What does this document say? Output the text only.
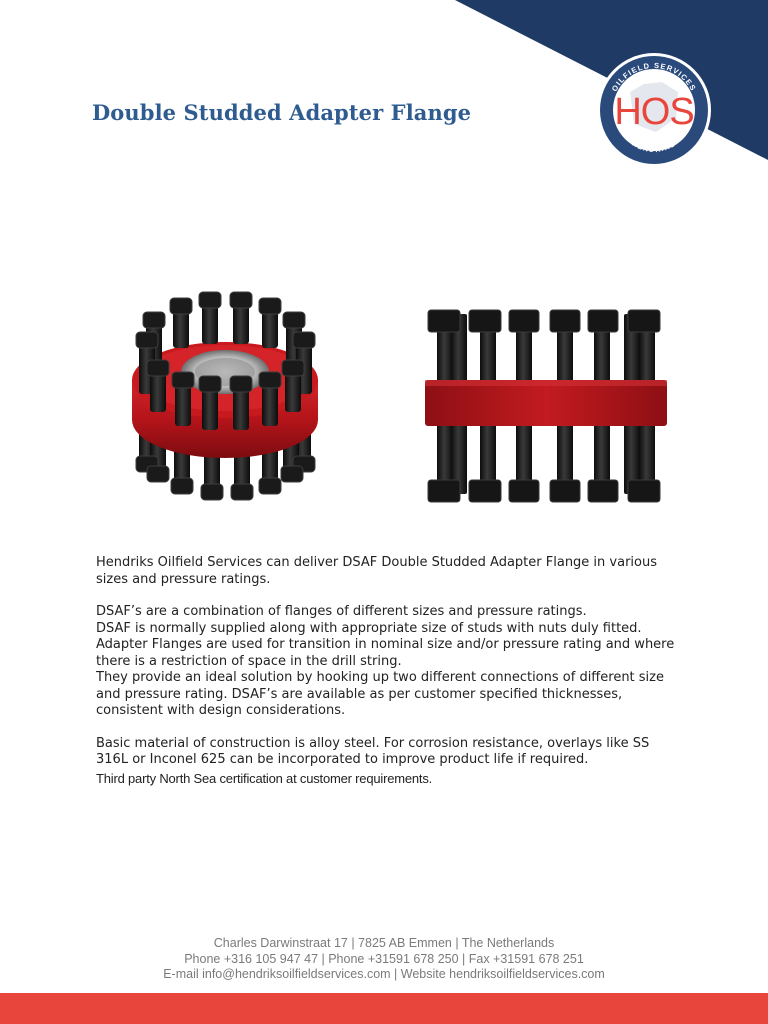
HOS
OILFIELD SERVICES
HENDRIKS
Double Studded Adapter Flange

Hendriks Oilfield Services can deliver DSAF Double Studded Adapter Flange in various sizes and pressure ratings.

DSAF’s are a combination of flanges of different sizes and pressure ratings.

DSAF is normally supplied along with appropriate size of studs with nuts duly fitted.

Adapter Flanges are used for transition in nominal size and/or pressure rating and where there is a restriction of space in the drill string.

They provide an ideal solution by hooking up two different connections of different size and pressure rating. DSAF’s are available as per customer specified thicknesses, consistent with design considerations.

Basic material of construction is alloy steel. For corrosion resistance, overlays like SS

316L or Inconel 625 can be incorporated to improve product life if required.

Third party North Sea certification at customer requirements.

Charles Darwinstraat 17 | 7825 AB Emmen | The Netherlands

Phone +316 105 947 47 | Phone +31591 678 250 | Fax +31591 678 251

E-mail info@hendriksoilfieldservices.com | Website hendriksoilfieldservices.com
